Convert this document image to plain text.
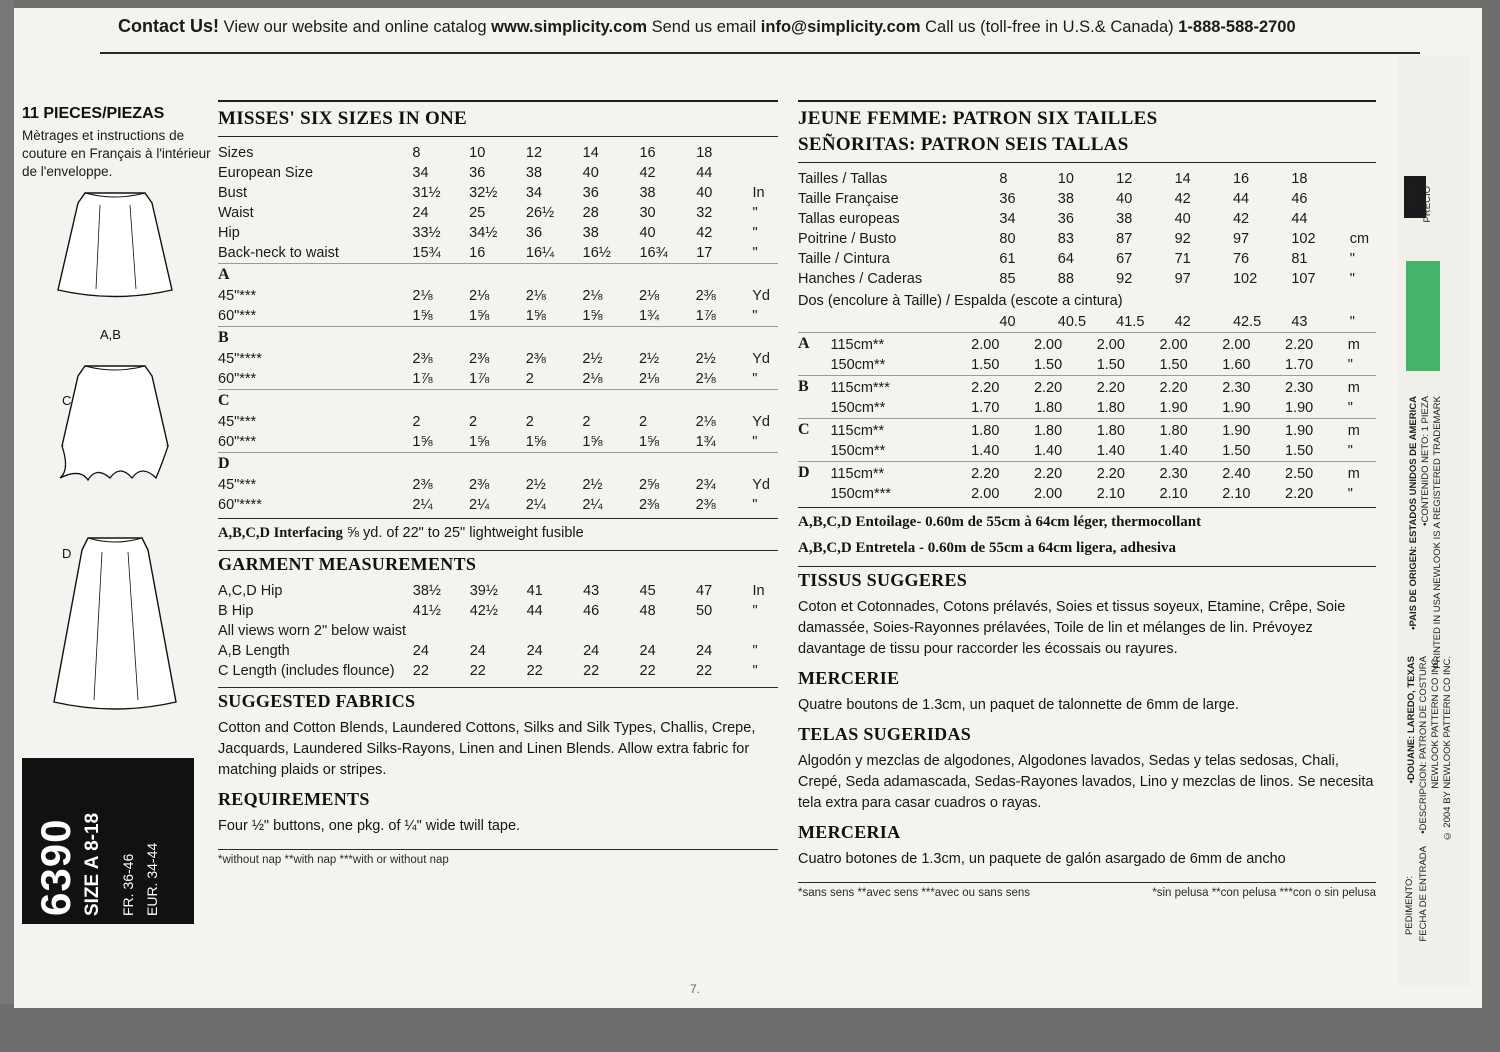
Contact Us! View our website and online catalog www.simplicity.com Send us email info@simplicity.com Call us (toll-free in U.S.& Canada) 1-888-588-2700
11 PIECES/PIEZAS
Mètrages et instructions de couture en Français à l'intérieur de l'enveloppe.
A,B
C
D
6390 SIZE A 8-18 FR. 36-46 EUR. 34-44
MISSES' SIX SIZES IN ONE
Sizes	8	10	12	14	16	18	
European Size	34	36	38	40	42	44	
Bust	31½	32½	34	36	38	40	In
Waist	24	25	26½	28	30	32	"
Hip	33½	34½	36	38	40	42	"
Back-neck to waist	15¾	16	16¼	16½	16¾	17	"
A							
45"***	2⅛	2⅛	2⅛	2⅛	2⅛	2⅜	Yd
60"***	1⅝	1⅝	1⅝	1⅝	1¾	1⅞	"
B							
45"****	2⅜	2⅜	2⅜	2½	2½	2½	Yd
60"***	1⅞	1⅞	2	2⅛	2⅛	2⅛	"
C							
45"***	2	2	2	2	2	2⅛	Yd
60"***	1⅝	1⅝	1⅝	1⅝	1⅝	1¾	"
D							
45"***	2⅜	2⅜	2½	2½	2⅝	2¾	Yd
60"****	2¼	2¼	2¼	2¼	2⅜	2⅜	"
A,B,C,D Interfacing ⅝ yd. of 22" to 25" lightweight fusible
GARMENT MEASUREMENTS
A,C,D Hip	38½	39½	41	43	45	47	In
B Hip	41½	42½	44	46	48	50	"
All views worn 2" below waist							
A,B Length	24	24	24	24	24	24	"
C Length (includes flounce)	22	22	22	22	22	22	"
SUGGESTED FABRICS
Cotton and Cotton Blends, Laundered Cottons, Silks and Silk Types, Challis, Crepe, Jacquards, Laundered Silks-Rayons, Linen and Linen Blends. Allow extra fabric for matching plaids or stripes.
REQUIREMENTS
Four ½" buttons, one pkg. of ¼" wide twill tape.
*without nap **with nap ***with or without nap
JEUNE FEMME: PATRON SIX TAILLES
SEÑORITAS: PATRON SEIS TALLAS
Tailles / Tallas	8	10	12	14	16	18	
Taille Française	36	38	40	42	44	46	
Tallas europeas	34	36	38	40	42	44	
Poitrine / Busto	80	83	87	92	97	102	cm
Taille / Cintura	61	64	67	71	76	81	"
Hanches / Caderas	85	88	92	97	102	107	"
Dos (encolure à Taille) / Espalda (escote a cintura)
	40	40.5	41.5	42	42.5	43	"
A	115cm**	2.00	2.00	2.00	2.00	2.00	2.20	m
	150cm**	1.50	1.50	1.50	1.50	1.60	1.70	"
B	115cm***	2.20	2.20	2.20	2.20	2.30	2.30	m
	150cm**	1.70	1.80	1.80	1.90	1.90	1.90	"
C	115cm**	1.80	1.80	1.80	1.80	1.90	1.90	m
	150cm**	1.40	1.40	1.40	1.40	1.50	1.50	"
D	115cm**	2.20	2.20	2.20	2.30	2.40	2.50	m
	150cm***	2.00	2.00	2.10	2.10	2.10	2.20	"
A,B,C,D Entoilage- 0.60m de 55cm à 64cm léger, thermocollant
A,B,C,D Entretela - 0.60m de 55cm a 64cm ligera, adhesiva
TISSUS SUGGERES
Coton et Cotonnades, Cotons prélavés, Soies et tissus soyeux, Etamine, Crêpe, Soie damassée, Soies-Rayonnes prélavées, Toile de lin et mélanges de lin. Prévoyez davantage de tissu pour raccorder les écossais ou rayures.
MERCERIE
Quatre boutons de 1.3cm, un paquet de talonnette de 6mm de large.
TELAS SUGERIDAS
Algodón y mezclas de algodones, Algodones lavados, Sedas y telas sedosas, Chali, Crepé, Seda adamascada, Sedas-Rayones lavados, Lino y mezclas de linos. Se necesita tela extra para casar cuadros o rayas.
MERCERIA
Cuatro botones de 1.3cm, un paquete de galón asargado de 6mm de ancho
*sans sens **avec sens ***avec ou sans sens	*sin pelusa **con pelusa ***con o sin pelusa
PRIX PRECIO
•PAIS DE ORIGEN: ESTADOS UNIDOS DE AMERICA •CONTENIDO NETO: 1 PIEZA PRINTED IN USA NEWLOOK IS A REGISTERED TRADEMARK
•DOUANE: LAREDO, TEXAS •DESCRIPCION: PATRON DE COSTURA NEWLOOK PATTERN CO INC. © 2004 BY NEWLOOK PATTERN CO INC.
FECHA DE ENTRADA
PEDIMENTO:
7.
